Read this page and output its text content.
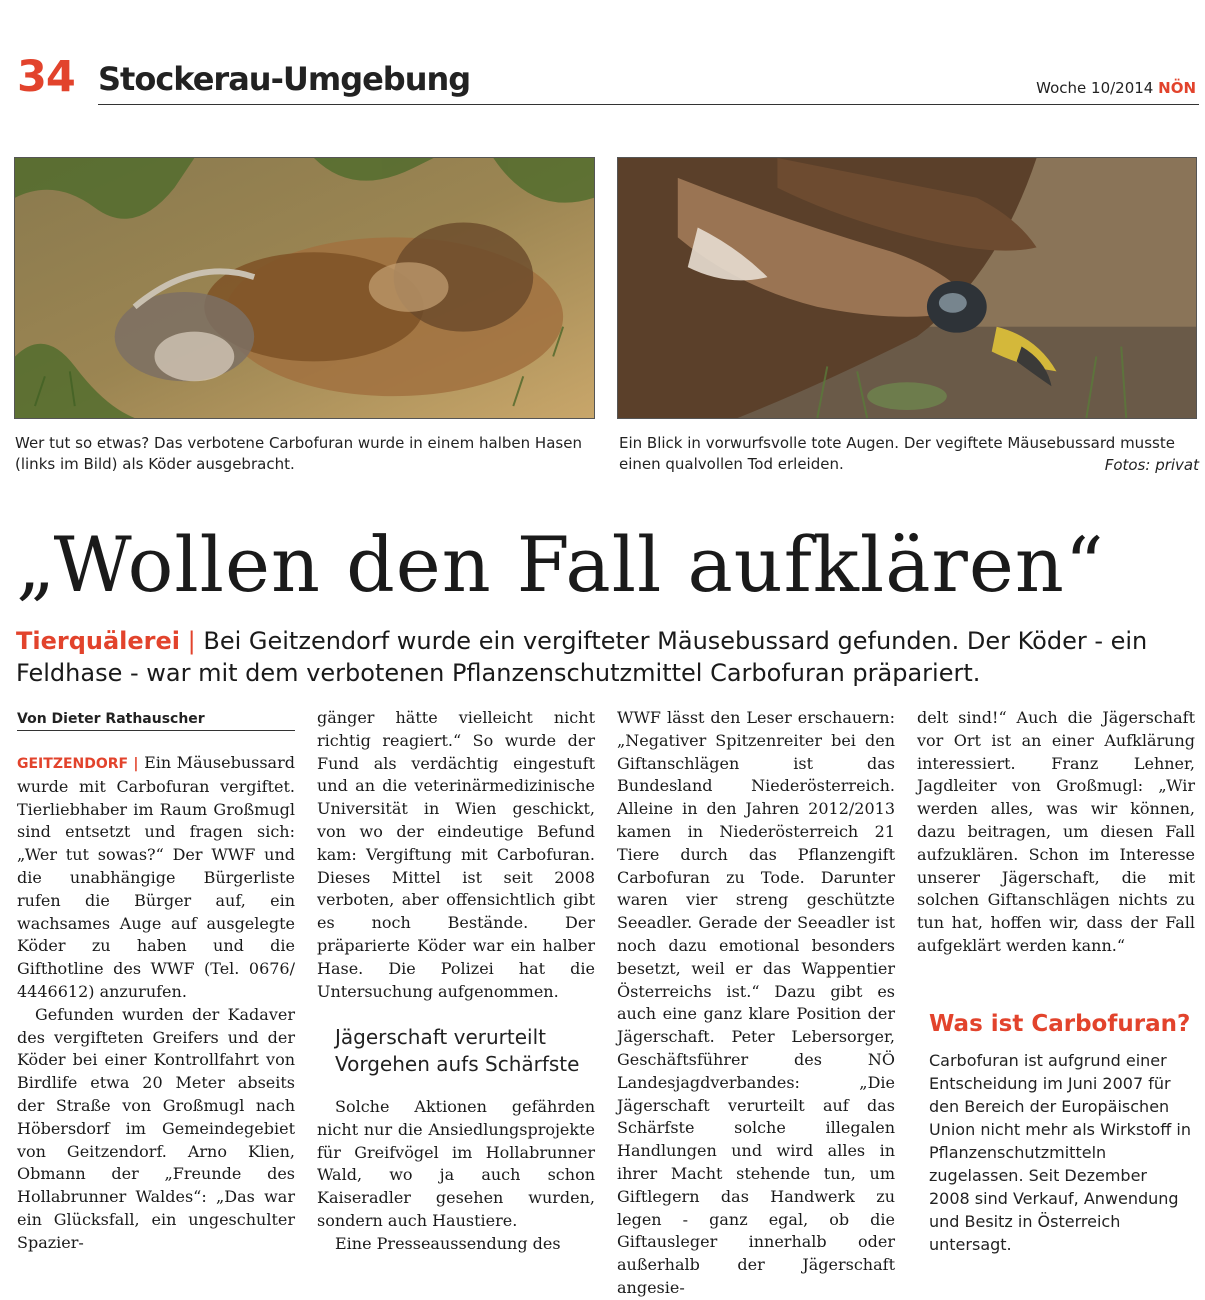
34 Stockerau-Umgebung	Woche 10/2014 NÖN
Wer tut so etwas? Das verbotene Carbofuran wurde in einem halben Hasen (links im Bild) als Köder ausgebracht.
Ein Blick in vorwurfsvolle tote Augen. Der vegiftete Mäusebussard musste einen qualvollen Tod erleiden.	Fotos: privat
„Wollen den Fall aufklären“
Tierquälerei | Bei Geitzendorf wurde ein vergifteter Mäusebussard gefunden. Der Köder - ein Feldhase - war mit dem verbotenen Pflanzenschutzmittel Carbofuran präpariert.
Von Dieter Rathauscher

GEITZENDORF | Ein Mäusebussard wurde mit Carbofuran vergiftet. Tierliebhaber im Raum Großmugl sind entsetzt und fragen sich: „Wer tut sowas?“ Der WWF und die unabhängige Bürgerliste rufen die Bürger auf, ein wachsames Auge auf ausgelegte Köder zu haben und die Gifthotline des WWF (Tel. 0676/ 4446612) anzurufen.

Gefunden wurden der Kadaver des vergifteten Greifers und der Köder bei einer Kontrollfahrt von Birdlife etwa 20 Meter abseits der Straße von Großmugl nach Höbersdorf im Gemeindegebiet von Geitzendorf. Arno Klien, Obmann der „Freunde des Hollabrunner Waldes“: „Das war ein Glücksfall, ein ungeschulter Spazier-

gänger hätte vielleicht nicht richtig reagiert.“ So wurde der Fund als verdächtig eingestuft und an die veterinärmedizinische Universität in Wien geschickt, von wo der eindeutige Befund kam: Vergiftung mit Carbofuran. Dieses Mittel ist seit 2008 verboten, aber offensichtlich gibt es noch Bestände. Der präparierte Köder war ein halber Hase. Die Polizei hat die Untersuchung aufgenommen.

Jägerschaft verurteilt Vorgehen aufs Schärfste

Solche Aktionen gefährden nicht nur die Ansiedlungsprojekte für Greifvögel im Hollabrunner Wald, wo ja auch schon Kaiseradler gesehen wurden, sondern auch Haustiere.

Eine Presseaussendung des

WWF lässt den Leser erschauern: „Negativer Spitzenreiter bei den Giftanschlägen ist das Bundesland Niederösterreich. Alleine in den Jahren 2012/2013 kamen in Niederösterreich 21 Tiere durch das Pflanzengift Carbofuran zu Tode. Darunter waren vier streng geschützte Seeadler. Gerade der Seeadler ist noch dazu emotional besonders besetzt, weil er das Wappentier Österreichs ist.“ Dazu gibt es auch eine ganz klare Position der Jägerschaft. Peter Lebersorger, Geschäftsführer des NÖ Landesjagdverbandes: „Die Jägerschaft verurteilt auf das Schärfste solche illegalen Handlungen und wird alles in ihrer Macht stehende tun, um Giftlegern das Handwerk zu legen - ganz egal, ob die Giftausleger innerhalb oder außerhalb der Jägerschaft angesie-

delt sind!“ Auch die Jägerschaft vor Ort ist an einer Aufklärung interessiert. Franz Lehner, Jagdleiter von Großmugl: „Wir werden alles, was wir können, dazu beitragen, um diesen Fall aufzuklären. Schon im Interesse unserer Jägerschaft, die mit solchen Giftanschlägen nichts zu tun hat, hoffen wir, dass der Fall aufgeklärt werden kann.“

Was ist Carbofuran?
Carbofuran ist aufgrund einer Entscheidung im Juni 2007 für den Bereich der Europäischen Union nicht mehr als Wirkstoff in Pflanzenschutzmitteln zugelassen. Seit Dezember 2008 sind Verkauf, Anwendung und Besitz in Österreich untersagt.
